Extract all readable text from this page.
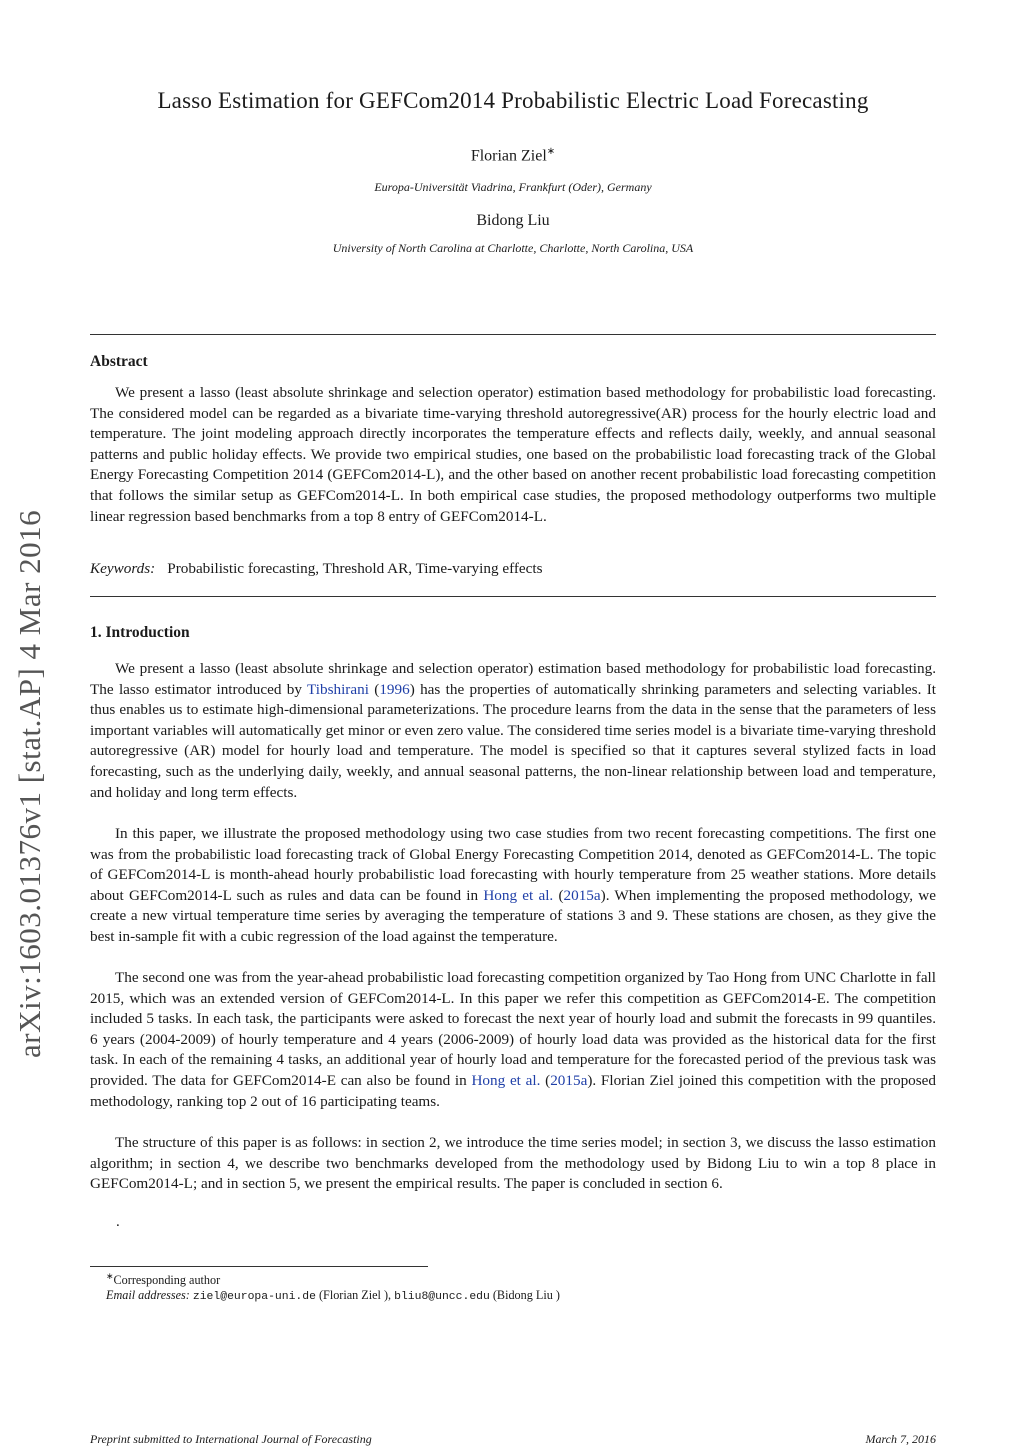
arXiv:1603.01376v1 [stat.AP] 4 Mar 2016
Lasso Estimation for GEFCom2014 Probabilistic Electric Load Forecasting
Florian Ziel∗
Europa-Universität Viadrina, Frankfurt (Oder), Germany
Bidong Liu
University of North Carolina at Charlotte, Charlotte, North Carolina, USA
Abstract

We present a lasso (least absolute shrinkage and selection operator) estimation based methodology for probabilistic load forecasting. The considered model can be regarded as a bivariate time-varying threshold autoregressive(AR) process for the hourly electric load and temperature. The joint modeling approach directly incorporates the temperature effects and reflects daily, weekly, and annual seasonal patterns and public holiday effects. We provide two empirical studies, one based on the probabilistic load forecasting track of the Global Energy Forecasting Competition 2014 (GEFCom2014-L), and the other based on another recent probabilistic load forecasting competition that follows the similar setup as GEFCom2014-L. In both empirical case studies, the proposed methodology outperforms two multiple linear regression based benchmarks from a top 8 entry of GEFCom2014-L.

Keywords: Probabilistic forecasting, Threshold AR, Time-varying effects
1. Introduction

We present a lasso (least absolute shrinkage and selection operator) estimation based methodology for probabilistic load forecasting. The lasso estimator introduced by Tibshirani (1996) has the properties of automatically shrinking parameters and selecting variables. It thus enables us to estimate high-dimensional parameterizations. The procedure learns from the data in the sense that the parameters of less important variables will automatically get minor or even zero value. The considered time series model is a bivariate time-varying threshold autoregressive (AR) model for hourly load and temperature. The model is specified so that it captures several stylized facts in load forecasting, such as the underlying daily, weekly, and annual seasonal patterns, the non-linear relationship between load and temperature, and holiday and long term effects.

In this paper, we illustrate the proposed methodology using two case studies from two recent forecasting competitions. The first one was from the probabilistic load forecasting track of Global Energy Forecasting Competition 2014, denoted as GEFCom2014-L. The topic of GEFCom2014-L is month-ahead hourly probabilistic load forecasting with hourly temperature from 25 weather stations. More details about GEFCom2014-L such as rules and data can be found in Hong et al. (2015a). When implementing the proposed methodology, we create a new virtual temperature time series by averaging the temperature of stations 3 and 9. These stations are chosen, as they give the best in-sample fit with a cubic regression of the load against the temperature.

The second one was from the year-ahead probabilistic load forecasting competition organized by Tao Hong from UNC Charlotte in fall 2015, which was an extended version of GEFCom2014-L. In this paper we refer this competition as GEFCom2014-E. The competition included 5 tasks. In each task, the participants were asked to forecast the next year of hourly load and submit the forecasts in 99 quantiles. 6 years (2004-2009) of hourly temperature and 4 years (2006-2009) of hourly load data was provided as the historical data for the first task. In each of the remaining 4 tasks, an additional year of hourly load and temperature for the forecasted period of the previous task was provided. The data for GEFCom2014-E can also be found in Hong et al. (2015a). Florian Ziel joined this competition with the proposed methodology, ranking top 2 out of 16 participating teams.

The structure of this paper is as follows: in section 2, we introduce the time series model; in section 3, we discuss the lasso estimation algorithm; in section 4, we describe two benchmarks developed from the methodology used by Bidong Liu to win a top 8 place in GEFCom2014-L; and in section 5, we present the empirical results. The paper is concluded in section 6.

.
∗Corresponding author
Email addresses: ziel@europa-uni.de (Florian Ziel ), bliu8@uncc.edu (Bidong Liu )
Preprint submitted to International Journal of Forecasting	March 7, 2016
